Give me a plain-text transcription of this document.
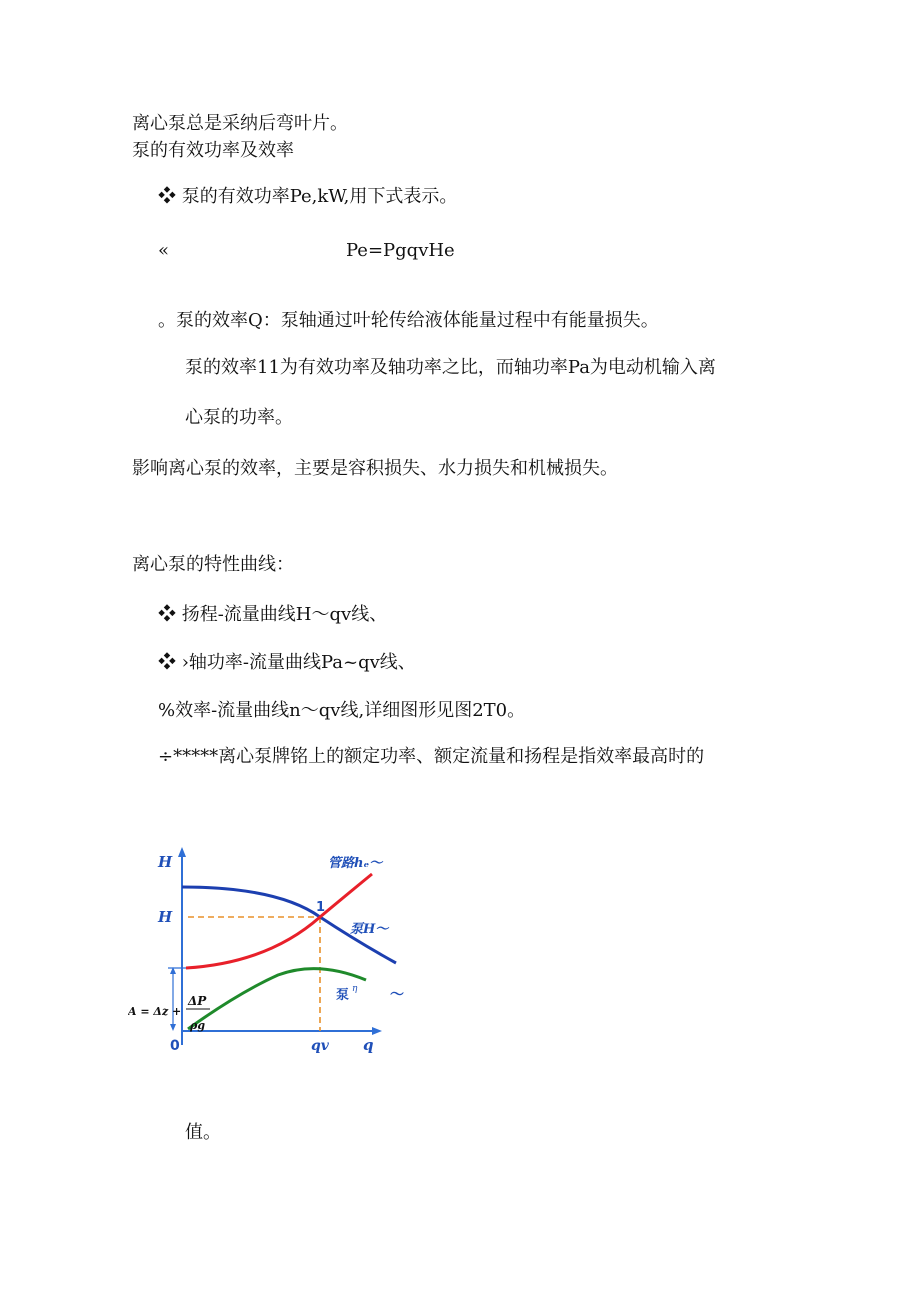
离心泵总是采纳后弯叶片。
泵的有效功率及效率
❖ 泵的有效功率Pe,kW,用下式表示。
«	Pe=PgqvHe
。泵的效率Q：泵轴通过叶轮传给液体能量过程中有能量损失。
泵的效率11为有效功率及轴功率之比，而轴功率Pa为电动机输入离
心泵的功率。
影响离心泵的效率，主要是容积损失、水力损失和机械损失。
离心泵的特性曲线：
❖ 扬程-流量曲线H～qv线、
❖ ›轴功率-流量曲线Pa~qv线、
%效率-流量曲线n～qv线,详细图形见图2T0。
÷*****离心泵牌铭上的额定功率、额定流量和扬程是指效率最高时的
H
H
0	qv q
1
管路hₑ～
泵H～
泵 η ～
ΔP
A = Δz +
ρg
值。
